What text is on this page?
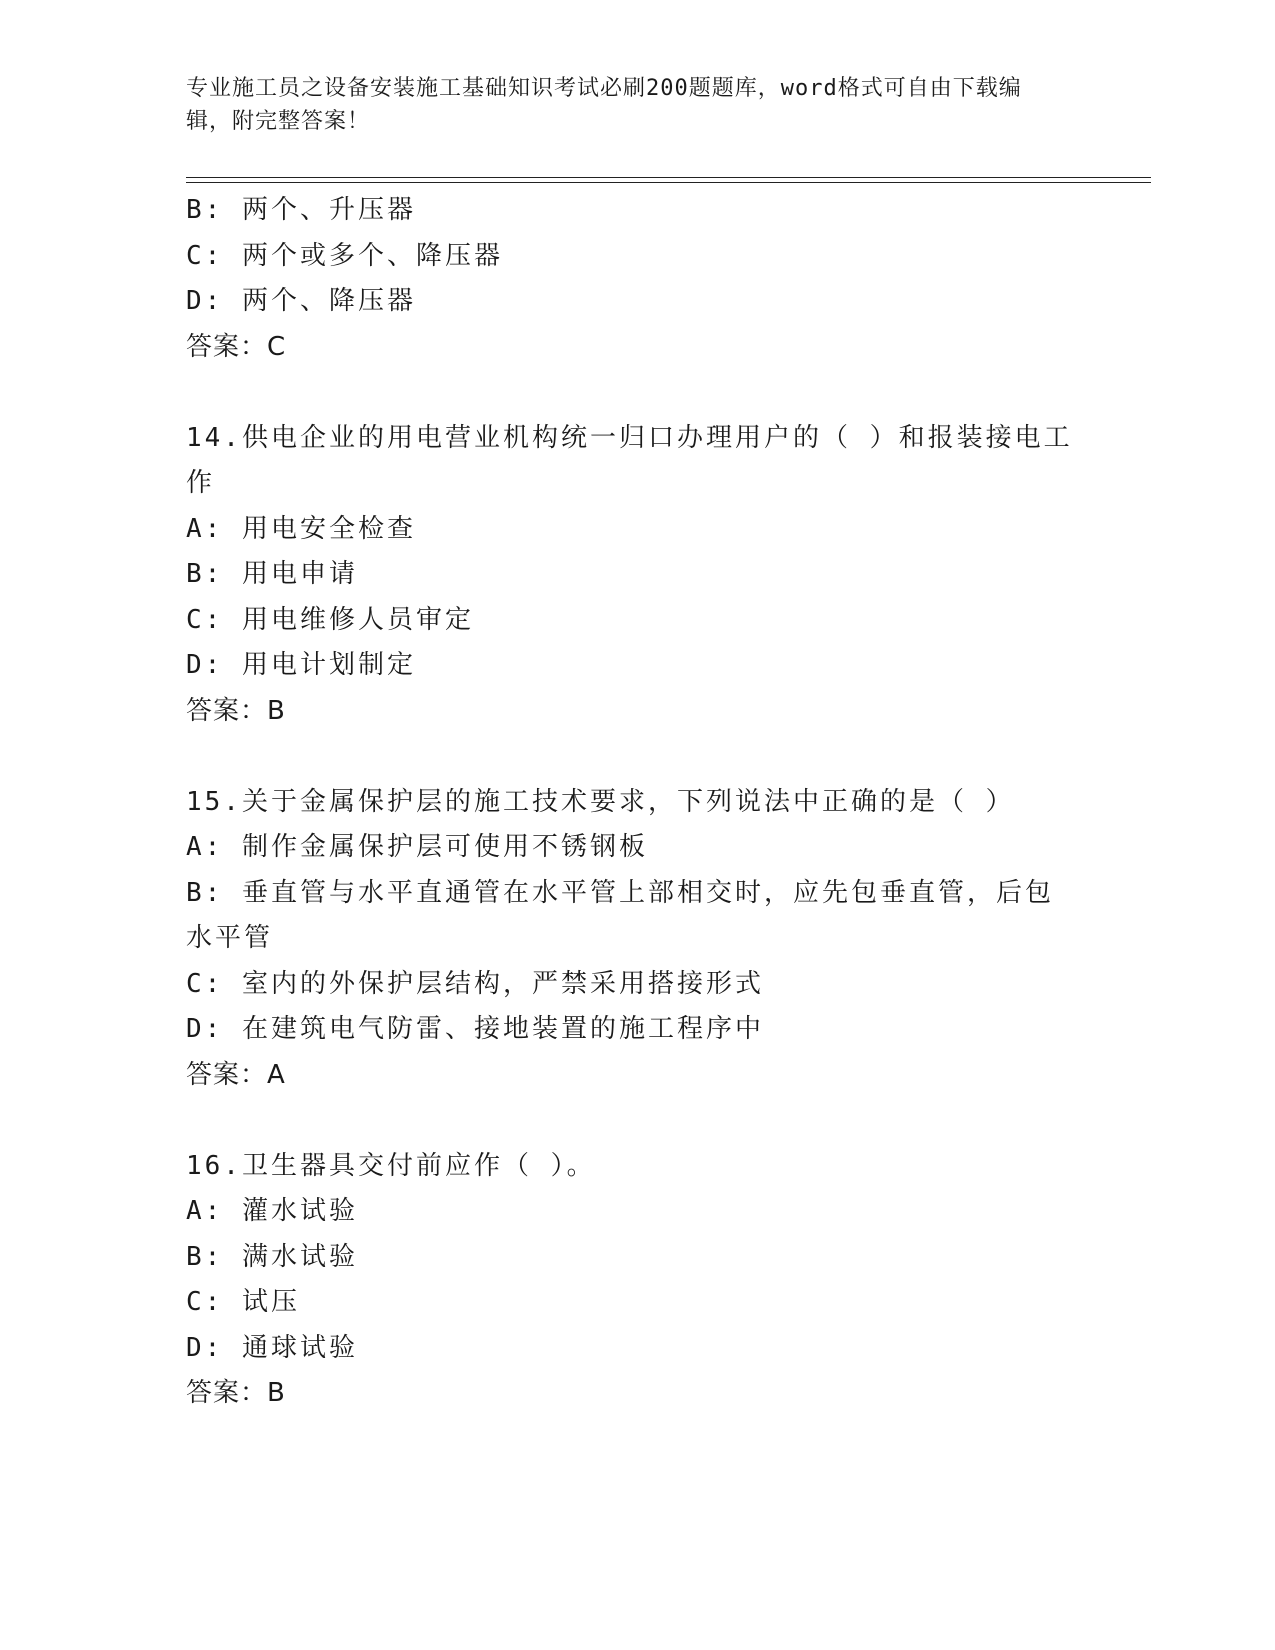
专业施工员之设备安装施工基础知识考试必刷200题题库，word格式可自由下载编辑，附完整答案！
B: 两个、升压器
C: 两个或多个、降压器
D: 两个、降压器
答案：C
14.供电企业的用电营业机构统一归口办理用户的（ ）和报装接电工作
A: 用电安全检查
B: 用电申请
C: 用电维修人员审定
D: 用电计划制定
答案：B
15.关于金属保护层的施工技术要求，下列说法中正确的是（ ）
A: 制作金属保护层可使用不锈钢板
B: 垂直管与水平直通管在水平管上部相交时，应先包垂直管，后包水平管
C: 室内的外保护层结构，严禁采用搭接形式
D: 在建筑电气防雷、接地装置的施工程序中
答案：A
16.卫生器具交付前应作（ ）。
A: 灌水试验
B: 满水试验
C: 试压
D: 通球试验
答案：B
